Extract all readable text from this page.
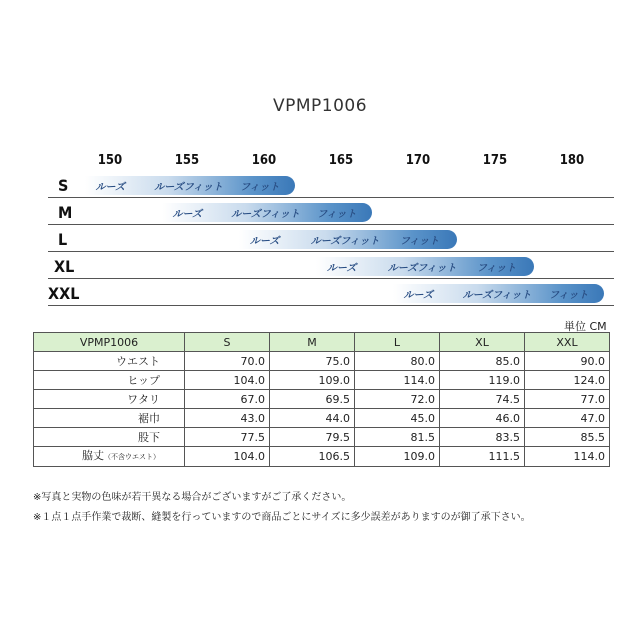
VPMP1006
150	155	160	165	170	175	180
S	ルーズ	ルーズフィット フィット
M	ルーズ	ルーズフィット フィット
L	ルーズ	ルーズフィット フィット
XL	ルーズ	ルーズフィット フィット
XXL	ルーズ	ルーズフィット フィット
単位 CM
VPMP1006	S	M	L	XL	XXL
ウエスト	70.0	75.0	80.0	85.0	90.0
ヒップ	104.0	109.0	114.0	119.0	124.0
ワタリ	67.0	69.5	72.0	74.5	77.0
裾巾	43.0	44.0	45.0	46.0	47.0
股下	77.5	79.5	81.5	83.5	85.5
脇丈（不含ウエスト）	104.0	106.5	109.0	111.5	114.0
※写真と実物の色味が若干異なる場合がございますがご了承ください。
※１点１点手作業で裁断、縫製を行っていますので商品ごとにサイズに多少誤差がありますのが御了承下さい。
